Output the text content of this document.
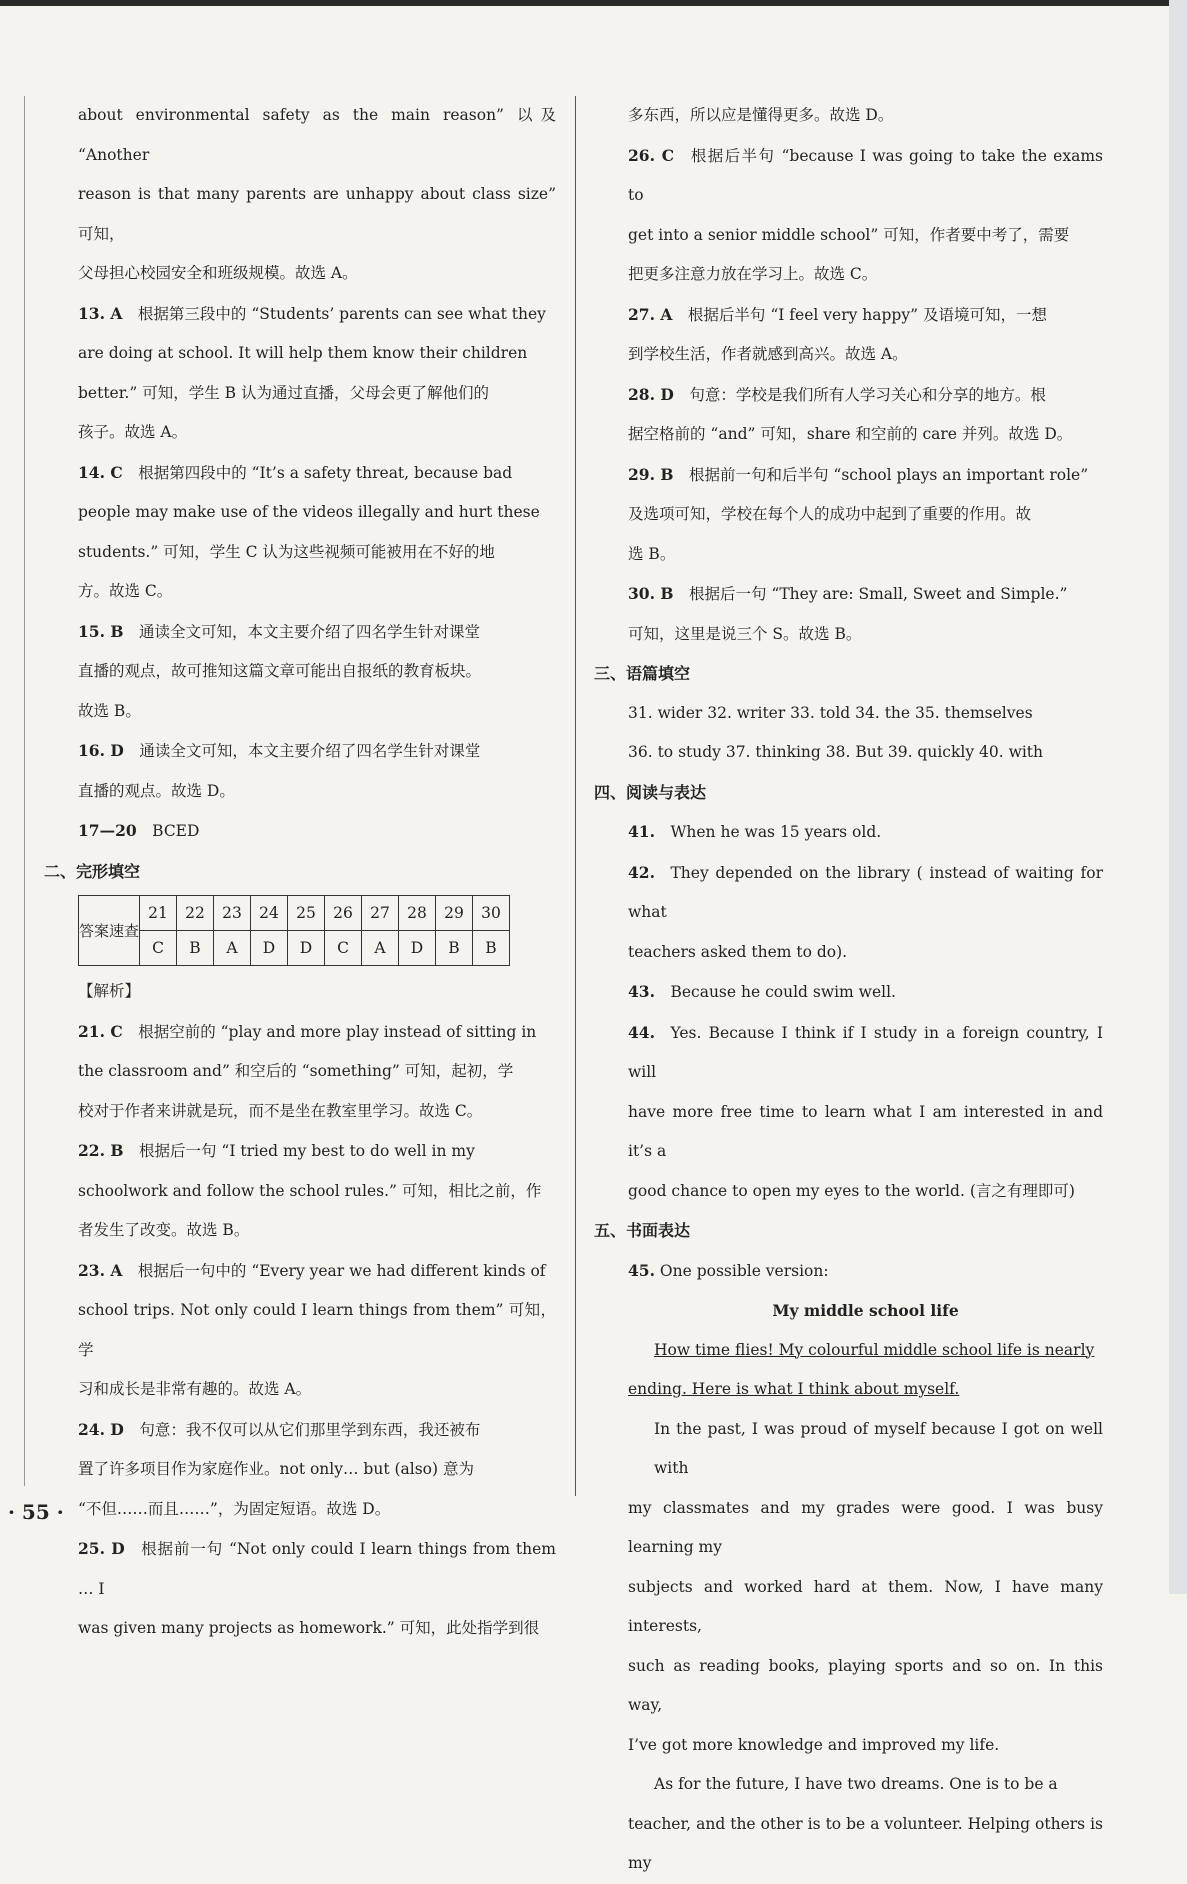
about environmental safety as the main reason” 以及 “Another

reason is that many parents are unhappy about class size” 可知，

父母担心校园安全和班级规模。故选 A。

13. A  根据第三段中的 “Students’ parents can see what they

are doing at school. It will help them know their children

better.” 可知，学生 B 认为通过直播，父母会更了解他们的

孩子。故选 A。

14. C  根据第四段中的 “It’s a safety threat, because bad

people may make use of the videos illegally and hurt these

students.” 可知，学生 C 认为这些视频可能被用在不好的地

方。故选 C。

15. B  通读全文可知，本文主要介绍了四名学生针对课堂

直播的观点，故可推知这篇文章可能出自报纸的教育板块。

故选 B。

16. D  通读全文可知，本文主要介绍了四名学生针对课堂

直播的观点。故选 D。

17—20  BCED

二、完形填空
答案速查	21	22	23	24	25	26	27	28	29	30
	C	B	A	D	D	C	A	D	B	B

【解析】

21. C  根据空前的 “play and more play instead of sitting in

the classroom and” 和空后的 “something” 可知，起初，学

校对于作者来讲就是玩，而不是坐在教室里学习。故选 C。

22. B  根据后一句 “I tried my best to do well in my

schoolwork and follow the school rules.” 可知，相比之前，作

者发生了改变。故选 B。

23. A  根据后一句中的 “Every year we had different kinds of

school trips. Not only could I learn things from them” 可知，学

习和成长是非常有趣的。故选 A。

24. D  句意：我不仅可以从它们那里学到东西，我还被布

置了许多项目作为家庭作业。not only… but (also) 意为

“不但……而且……”，为固定短语。故选 D。

25. D  根据前一句 “Not only could I learn things from them … I

was given many projects as homework.” 可知，此处指学到很

多东西，所以应是懂得更多。故选 D。

26. C  根据后半句 “because I was going to take the exams to

get into a senior middle school” 可知，作者要中考了，需要

把更多注意力放在学习上。故选 C。

27. A  根据后半句 “I feel very happy” 及语境可知，一想

到学校生活，作者就感到高兴。故选 A。

28. D  句意：学校是我们所有人学习关心和分享的地方。根

据空格前的 “and” 可知，share 和空前的 care 并列。故选 D。

29. B  根据前一句和后半句 “school plays an important role”

及选项可知，学校在每个人的成功中起到了重要的作用。故

选 B。

30. B  根据后一句 “They are: Small, Sweet and Simple.”

可知，这里是说三个 S。故选 B。

三、语篇填空

31. wider 32. writer 33. told 34. the 35. themselves

36. to study 37. thinking 38. But 39. quickly 40. with

四、阅读与表达

41.  When he was 15 years old.

42.  They depended on the library ( instead of waiting for what

teachers asked them to do).

43.  Because he could swim well.

44.  Yes. Because I think if I study in a foreign country, I will

have more free time to learn what I am interested in and it’s a

good chance to open my eyes to the world. (言之有理即可)

五、书面表达

45. One possible version:

My middle school life

How time flies! My colourful middle school life is nearly

ending. Here is what I think about myself.

In the past, I was proud of myself because I got on well with

my classmates and my grades were good. I was busy learning my

subjects and worked hard at them. Now, I have many interests,

such as reading books, playing sports and so on. In this way,

I’ve got more knowledge and improved my life.

As for the future, I have two dreams. One is to be a

teacher, and the other is to be a volunteer. Helping others is my

· 55 ·
